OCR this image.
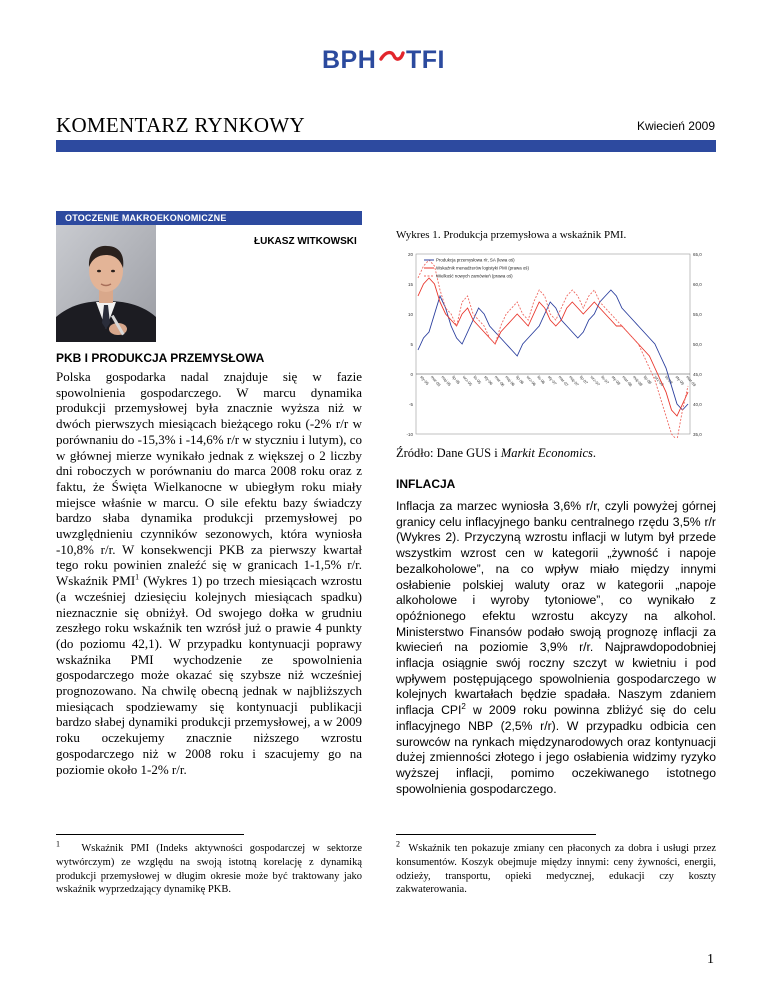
BPH TFI
KOMENTARZ RYNKOWY	Kwiecień 2009
OTOCZENIE MAKROEKONOMICZNE
ŁUKASZ WITKOWSKI
PKB I PRODUKCJA PRZEMYSŁOWA
Polska gospodarka nadal znajduje się w fazie spowolnienia gospodarczego. W marcu dynamika produkcji przemysłowej była znacznie wyższa niż w dwóch pierwszych miesiącach bieżącego roku (-2% r/r w porównaniu do -15,3% i -14,6% r/r w styczniu i lutym), co w głównej mierze wynikało jednak z większej o 2 liczby dni roboczych w porównaniu do marca 2008 roku oraz z faktu, że Święta Wielkanocne w ubiegłym roku miały miejsce właśnie w marcu. O sile efektu bazy świadczy bardzo słaba dynamika produkcji przemysłowej po uwzględnieniu czynników sezonowych, która wyniosła -10,8% r/r. W konsekwencji PKB za pierwszy kwartał tego roku powinien znaleźć się w granicach 1-1,5% r/r. Wskaźnik PMI$^1$ (Wykres 1) po trzech miesiącach wzrostu (a wcześniej dziesięciu kolejnych miesiącach spadku) nieznacznie się obniżył. Od swojego dołka w grudniu zeszłego roku wskaźnik ten wzrósł już o prawie 4 punkty (do poziomu 42,1). W przypadku kontynuacji poprawy wskaźnika PMI wychodzenie ze spowolnienia gospodarczego może okazać się szybsze niż wcześniej prognozowano. Na chwilę obecną jednak w najbliższych miesiącach spodziewamy się kontynuacji publikacji bardzo słabej dynamiki produkcji przemysłowej, a w 2009 roku oczekujemy znacznie niższego wzrostu gospodarczego niż w 2008 roku i szacujemy go na poziomie około 1-2% r/r.
$^1$ Wskaźnik PMI (Indeks aktywności gospodarczej w sektorze wytwórczym) ze względu na swoją istotną korelację z dynamiką produkcji przemysłowej w długim okresie może być traktowany jako wskaźnik wyprzedzający dynamikę PKB.
Wykres 1. Produkcja przemysłowa a wskaźnik PMI.
20
15
10
5
0
-5
-10
65,0
60,0
55,0
50,0
45,0
40,0
35,0
sty-05 mar-05
maj-05
lip-05 wrz-05 lis-05 sty-06 mar-06
maj-06
lip-06 wrz-06 lis-06 sty-07 mar-07
maj-07
lip-07 wrz-07 lis-07 sty-08 mar-08
maj-08
lip-08 wrz-08 lis-08 sty-09 mar-09
Produkcja przemysłowa r/r, SA (lewa oś)
Wskaźnik menadżerów logistyki PMI (prawa oś)
Wielkość nowych zamówień (prawa oś)
Źródło: Dane GUS i Markit Economics.
INFLACJA
Inflacja za marzec wyniosła 3,6% r/r, czyli powyżej górnej granicy celu inflacyjnego banku centralnego rzędu 3,5% r/r (Wykres 2). Przyczyną wzrostu inflacji w lutym był przede wszystkim wzrost cen w kategorii „żywność i napoje bezalkoholowe”, na co wpływ miało między innymi osłabienie polskiej waluty oraz w kategorii „napoje alkoholowe i wyroby tytoniowe”, co wynikało z opóźnionego efektu wzrostu akcyzy na alkohol. Ministerstwo Finansów podało swoją prognozę inflacji za kwiecień na poziomie 3,9% r/r. Najprawdopodobniej inflacja osiągnie swój roczny szczyt w kwietniu i pod wpływem postępującego spowolnienia gospodarczego w kolejnych kwartałach będzie spadała. Naszym zdaniem inflacja CPI$^2$ w 2009 roku powinna zbliżyć się do celu inflacyjnego NBP (2,5% r/r). W przypadku odbicia cen surowców na rynkach międzynarodowych oraz kontynuacji dużej zmienności złotego i jego osłabienia widzimy ryzyko wyższej inflacji, pomimo oczekiwanego istotnego spowolnienia gospodarczego.
$^2$ Wskaźnik ten pokazuje zmiany cen płaconych za dobra i usługi przez konsumentów. Koszyk obejmuje między innymi: ceny żywności, energii, odzieży, transportu, opieki medycznej, edukacji czy koszty zakwaterowania.
1
